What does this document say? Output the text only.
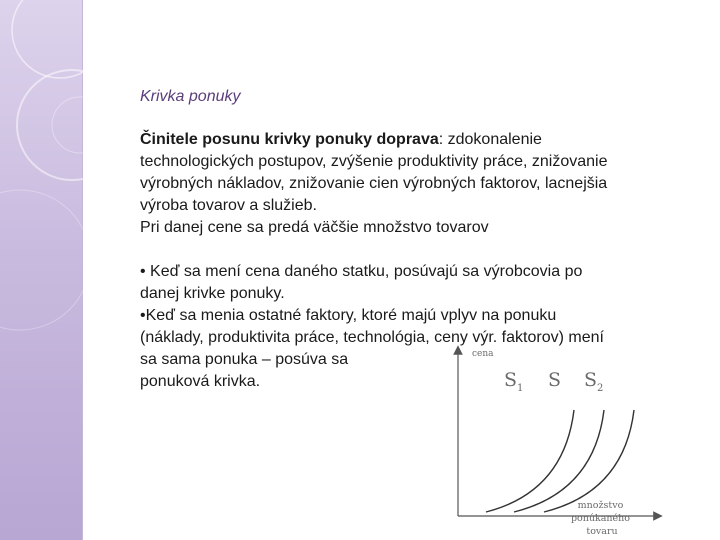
Krivka ponuky

Činitele posunu krivky ponuky doprava: zdokonalenie
technologických postupov, zvýšenie produktivity práce, znižovanie
výrobných nákladov, znižovanie cien výrobných faktorov, lacnejšia
výroba tovarov a služieb.
Pri danej cene sa predá väčšie množstvo tovarov

• Keď sa mení cena daného statku, posúvajú sa výrobcovia po
danej krivke ponuky.
•Keď sa menia ostatné faktory, ktoré majú vplyv na ponuku
(náklady, produktivita práce, technológia, ceny výr. faktorov) mení
sa sama ponuka – posúva sa
ponuková krivka.

cena
$S_1$ S $S_2$
množstvo ponúkaného tovaru
